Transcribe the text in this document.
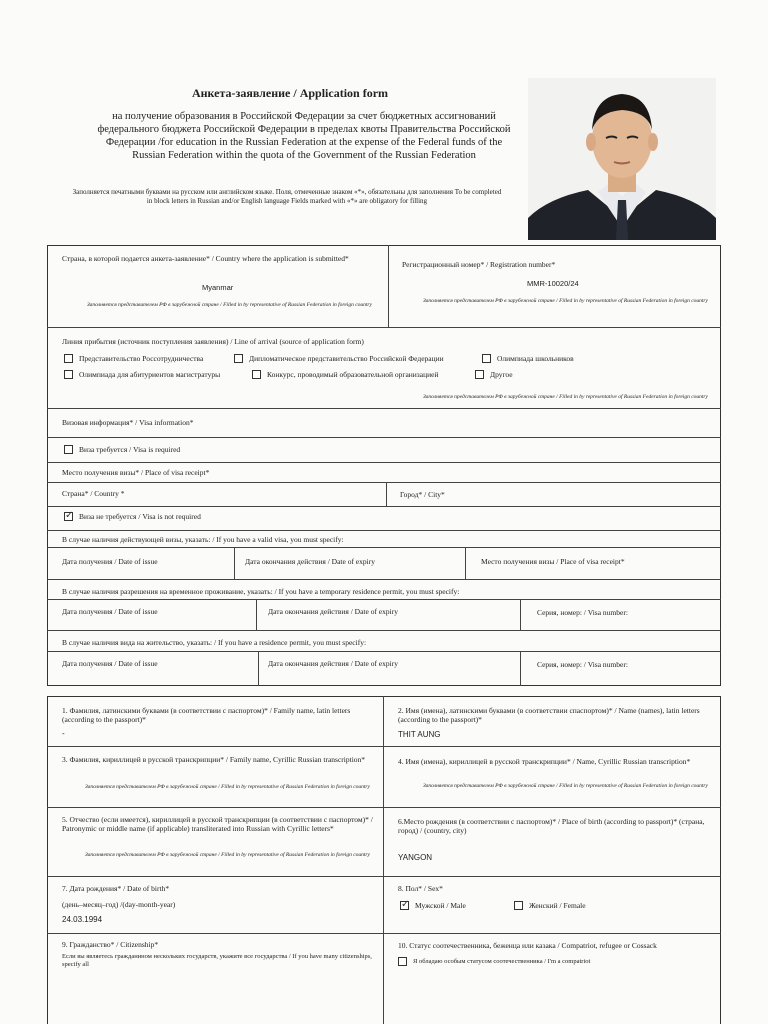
Анкета-заявление / Application form
на получение образования в Российской Федерации за счет бюджетных ассигнований федерального бюджета Российской Федерации в пределах квоты Правительства Российской Федерации /for education in the Russian Federation at the expense of the Federal funds of the Russian Federation within the quota of the Government of the Russian Federation
Заполняется печатными буквами на русском или английском языке. Поля, отмеченные знаком «*», обязательны для заполнения To be completed in block letters in Russian and/or English language Fields marked with «*» are obligatory for filling
Страна, в которой подается анкета-заявление* / Country where the application is submitted*
Myanmar
Заполняется представителем РФ в зарубежной стране / Filled in by representative of Russian Federation in foreign country
Регистрационный номер* / Registration number*
MMR-10020/24
Заполняется представителем РФ в зарубежной стране / Filled in by representative of Russian Federation in foreign country
Линия прибытия (источник поступления заявления) / Line of arrival (source of application form)
Представительство Россотрудничества	Дипломатическое представительство Российской Федерации	Олимпиада школьников
Олимпиада для абитуриентов магистратуры	Конкурс, проводимый образовательной организацией	Другое
Заполняется представителем РФ в зарубежной стране / Filled in by representative of Russian Federation in foreign country
Визовая информация* / Visa information*
Виза требуется / Visa is required
Место получения визы* / Place of visa receipt*
Страна* / Country *	Город* / City*
✓
Виза не требуется / Visa is not required
В случае наличия действующей визы, указать: / If you have a valid visa, you must specify:
Дата получения / Date of issue	Дата окончания действия / Date of expiry	Место получения визы / Place of visa receipt*
В случае наличия разрешения на временное проживание, указать: / If you have a temporary residence permit, you must specify:
Дата получения / Date of issue	Дата окончания действия / Date of expiry	Серия, номер: / Visa number:
В случае наличия вида на жительство, указать: / If you have a residence permit, you must specify:
Дата получения / Date of issue	Дата окончания действия / Date of expiry	Серия, номер: / Visa number:
1. Фамилия, латинскими буквами (в соответствии с паспортом)* / Family name, latin letters (according to the passport)*
-
2. Имя (имена), латинскими буквами (в соответствии спаспортом)* / Name (names), latin letters (according to the passport)*
THIT AUNG
3. Фамилия, кириллицей в русской транскрипции* / Family name, Cyrillic Russian transcription*
Заполняется представителем РФ в зарубежной стране / Filled in by representative of Russian Federation in foreign country
4. Имя (имена), кириллицей в русской транскрипции* / Name, Cyrillic Russian transcription*
Заполняется представителем РФ в зарубежной стране / Filled in by representative of Russian Federation in foreign country
5. Отчество (если имеется), кириллицей в русской транскрипции (в соответствии с паспортом)* / Patronymic or middle name (if applicable) transliterated into Russian with Cyrillic letters*
Заполняется представителем РФ в зарубежной стране / Filled in by representative of Russian Federation in foreign country
6.Место рождения (в соответствии с паспортом)* / Place of birth (according to passport)* (страна, город) / (country, city)
YANGON
7. Дата рождения* / Date of birth*
(день–месяц–год) /(day-month-year)
24.03.1994
8. Пол* / Sex*
✓
Мужской / Male	Женский / Female
9. Гражданство* / Citizenship*
Если вы являетесь гражданином нескольких государств, укажите все государства / If you have many citizenships, specify all
10. Статус соотечественника, беженца или казака / Compatriot, refugee or Cossack
Я обладаю особым статусом соотечественника / I'm a compatriot
